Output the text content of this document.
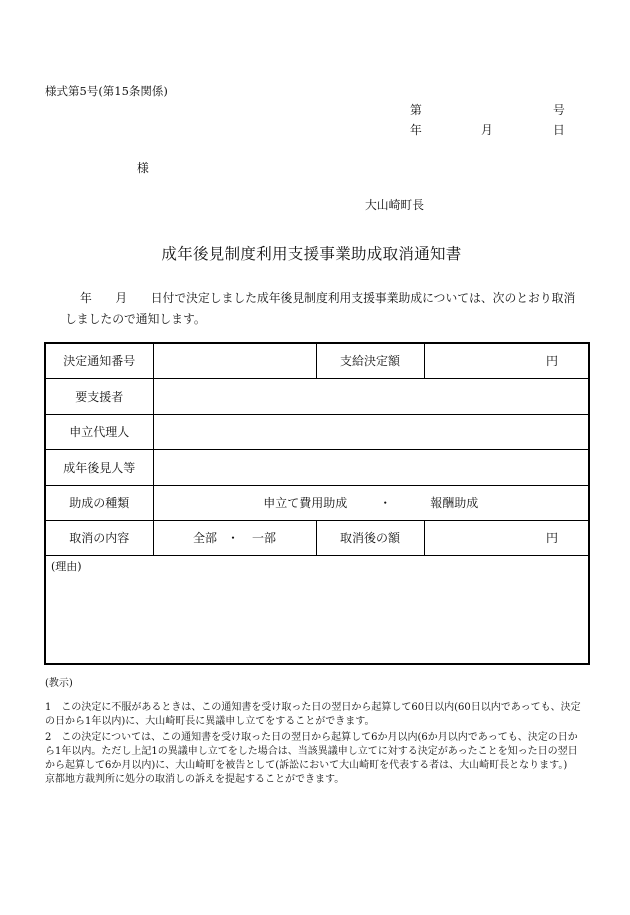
様式第5号(第15条関係)
第	号
年	月	日
様
大山崎町長
成年後見制度利用支援事業助成取消通知書
年　　月　　日付で決定しました成年後見制度利用支援事業助成については、次のとおり取消
しましたので通知します。
決定通知番号		支給決定額	円
要支援者			
申立代理人			
成年後見人等			
助成の種類	申立て費用助成 ・ 報酬助成		

取消の内容	全部 ・ 一部	取消後の額	円
(理由)			
(教示)
1　この決定に不服があるときは、この通知書を受け取った日の翌日から起算して60日以内(60日以内であっても、決定
の日から1年以内)に、大山崎町長に異議申し立てをすることができます。
2　この決定については、この通知書を受け取った日の翌日から起算して6か月以内(6か月以内であっても、決定の日か
ら1年以内。ただし上記1の異議申し立てをした場合は、当該異議申し立てに対する決定があったことを知った日の翌日
から起算して6か月以内)に、大山崎町を被告として(訴訟において大山崎町を代表する者は、大山崎町長となります。)
京都地方裁判所に処分の取消しの訴えを提起することができます。
